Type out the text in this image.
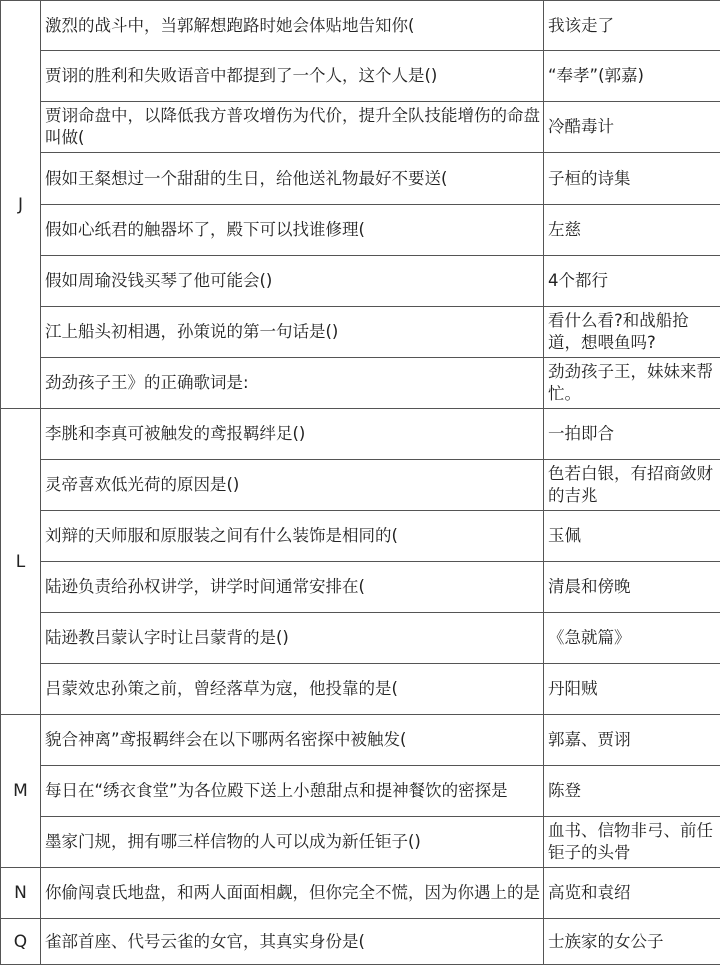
J	激烈的战斗中，当郭解想跑路时她会体贴地告知你(	我该走了
	贾诩的胜利和失败语音中都提到了一个人，这个人是()	“奉孝”(郭嘉)
	贾诩命盘中，以降低我方普攻增伤为代价，提升全队技能增伤的命盘叫做(	冷酷毒计
	假如王粲想过一个甜甜的生日，给他送礼物最好不要送(	子桓的诗集
	假如心纸君的触器坏了，殿下可以找谁修理(	左慈
	假如周瑜没钱买琴了他可能会()	4个都行
	江上船头初相遇，孙策说的第一句话是()	看什么看?和战船抢道，想喂鱼吗?
	劲劲孩子王》的正确歌词是:	劲劲孩子王，妹妹来帮忙。
L	李朓和李真可被触发的鸢报羁绊足()	一拍即合
	灵帝喜欢低光荷的原因是()	色若白银，有招商敛财的吉兆
	刘辩的天师服和原服装之间有什么装饰是相同的(	玉佩
	陆逊负责给孙权讲学，讲学时间通常安排在(	清晨和傍晚
	陆逊教吕蒙认字时让吕蒙背的是()	《急就篇》
	吕蒙效忠孙策之前，曾经落草为寇，他投靠的是(	丹阳贼
M	貌合神离”鸢报羁绊会在以下哪两名密探中被触发(	郭嘉、贾诩
	每日在“绣衣食堂”为各位殿下送上小憩甜点和提神餐饮的密探是	陈登
	墨家门规，拥有哪三样信物的人可以成为新任钜子()	血书、信物非弓、前任钜子的头骨
N	你偷闯袁氏地盘，和两人面面相觑，但你完全不慌，因为你遇上的是	高览和袁绍
Q	雀部首座、代号云雀的女官，其真实身份是(	士族家的女公子
